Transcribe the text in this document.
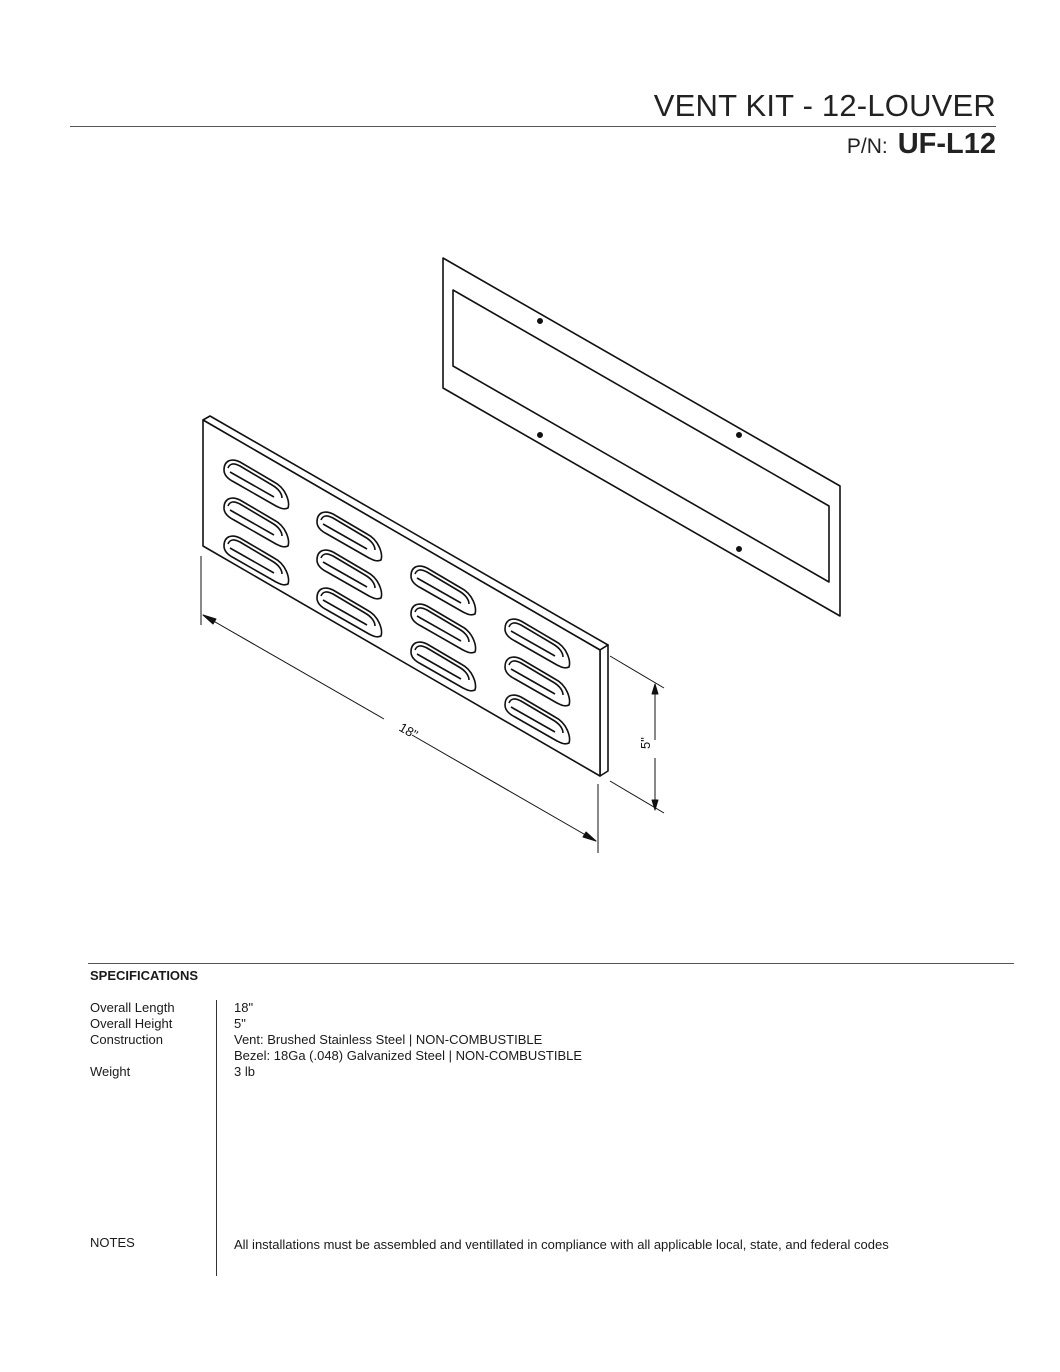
VENT KIT - 12-LOUVER
P/N: UF-L12
18"
5"
SPECIFICATIONS
Overall Length	18"
Overall Height	5"
Construction	Vent: Brushed Stainless Steel | NON-COMBUSTIBLE
Bezel: 18Ga (.048) Galvanized Steel | NON-COMBUSTIBLE
Weight	3 lb
NOTES	All installations must be assembled and ventillated in compliance with all applicable local, state, and federal codes
